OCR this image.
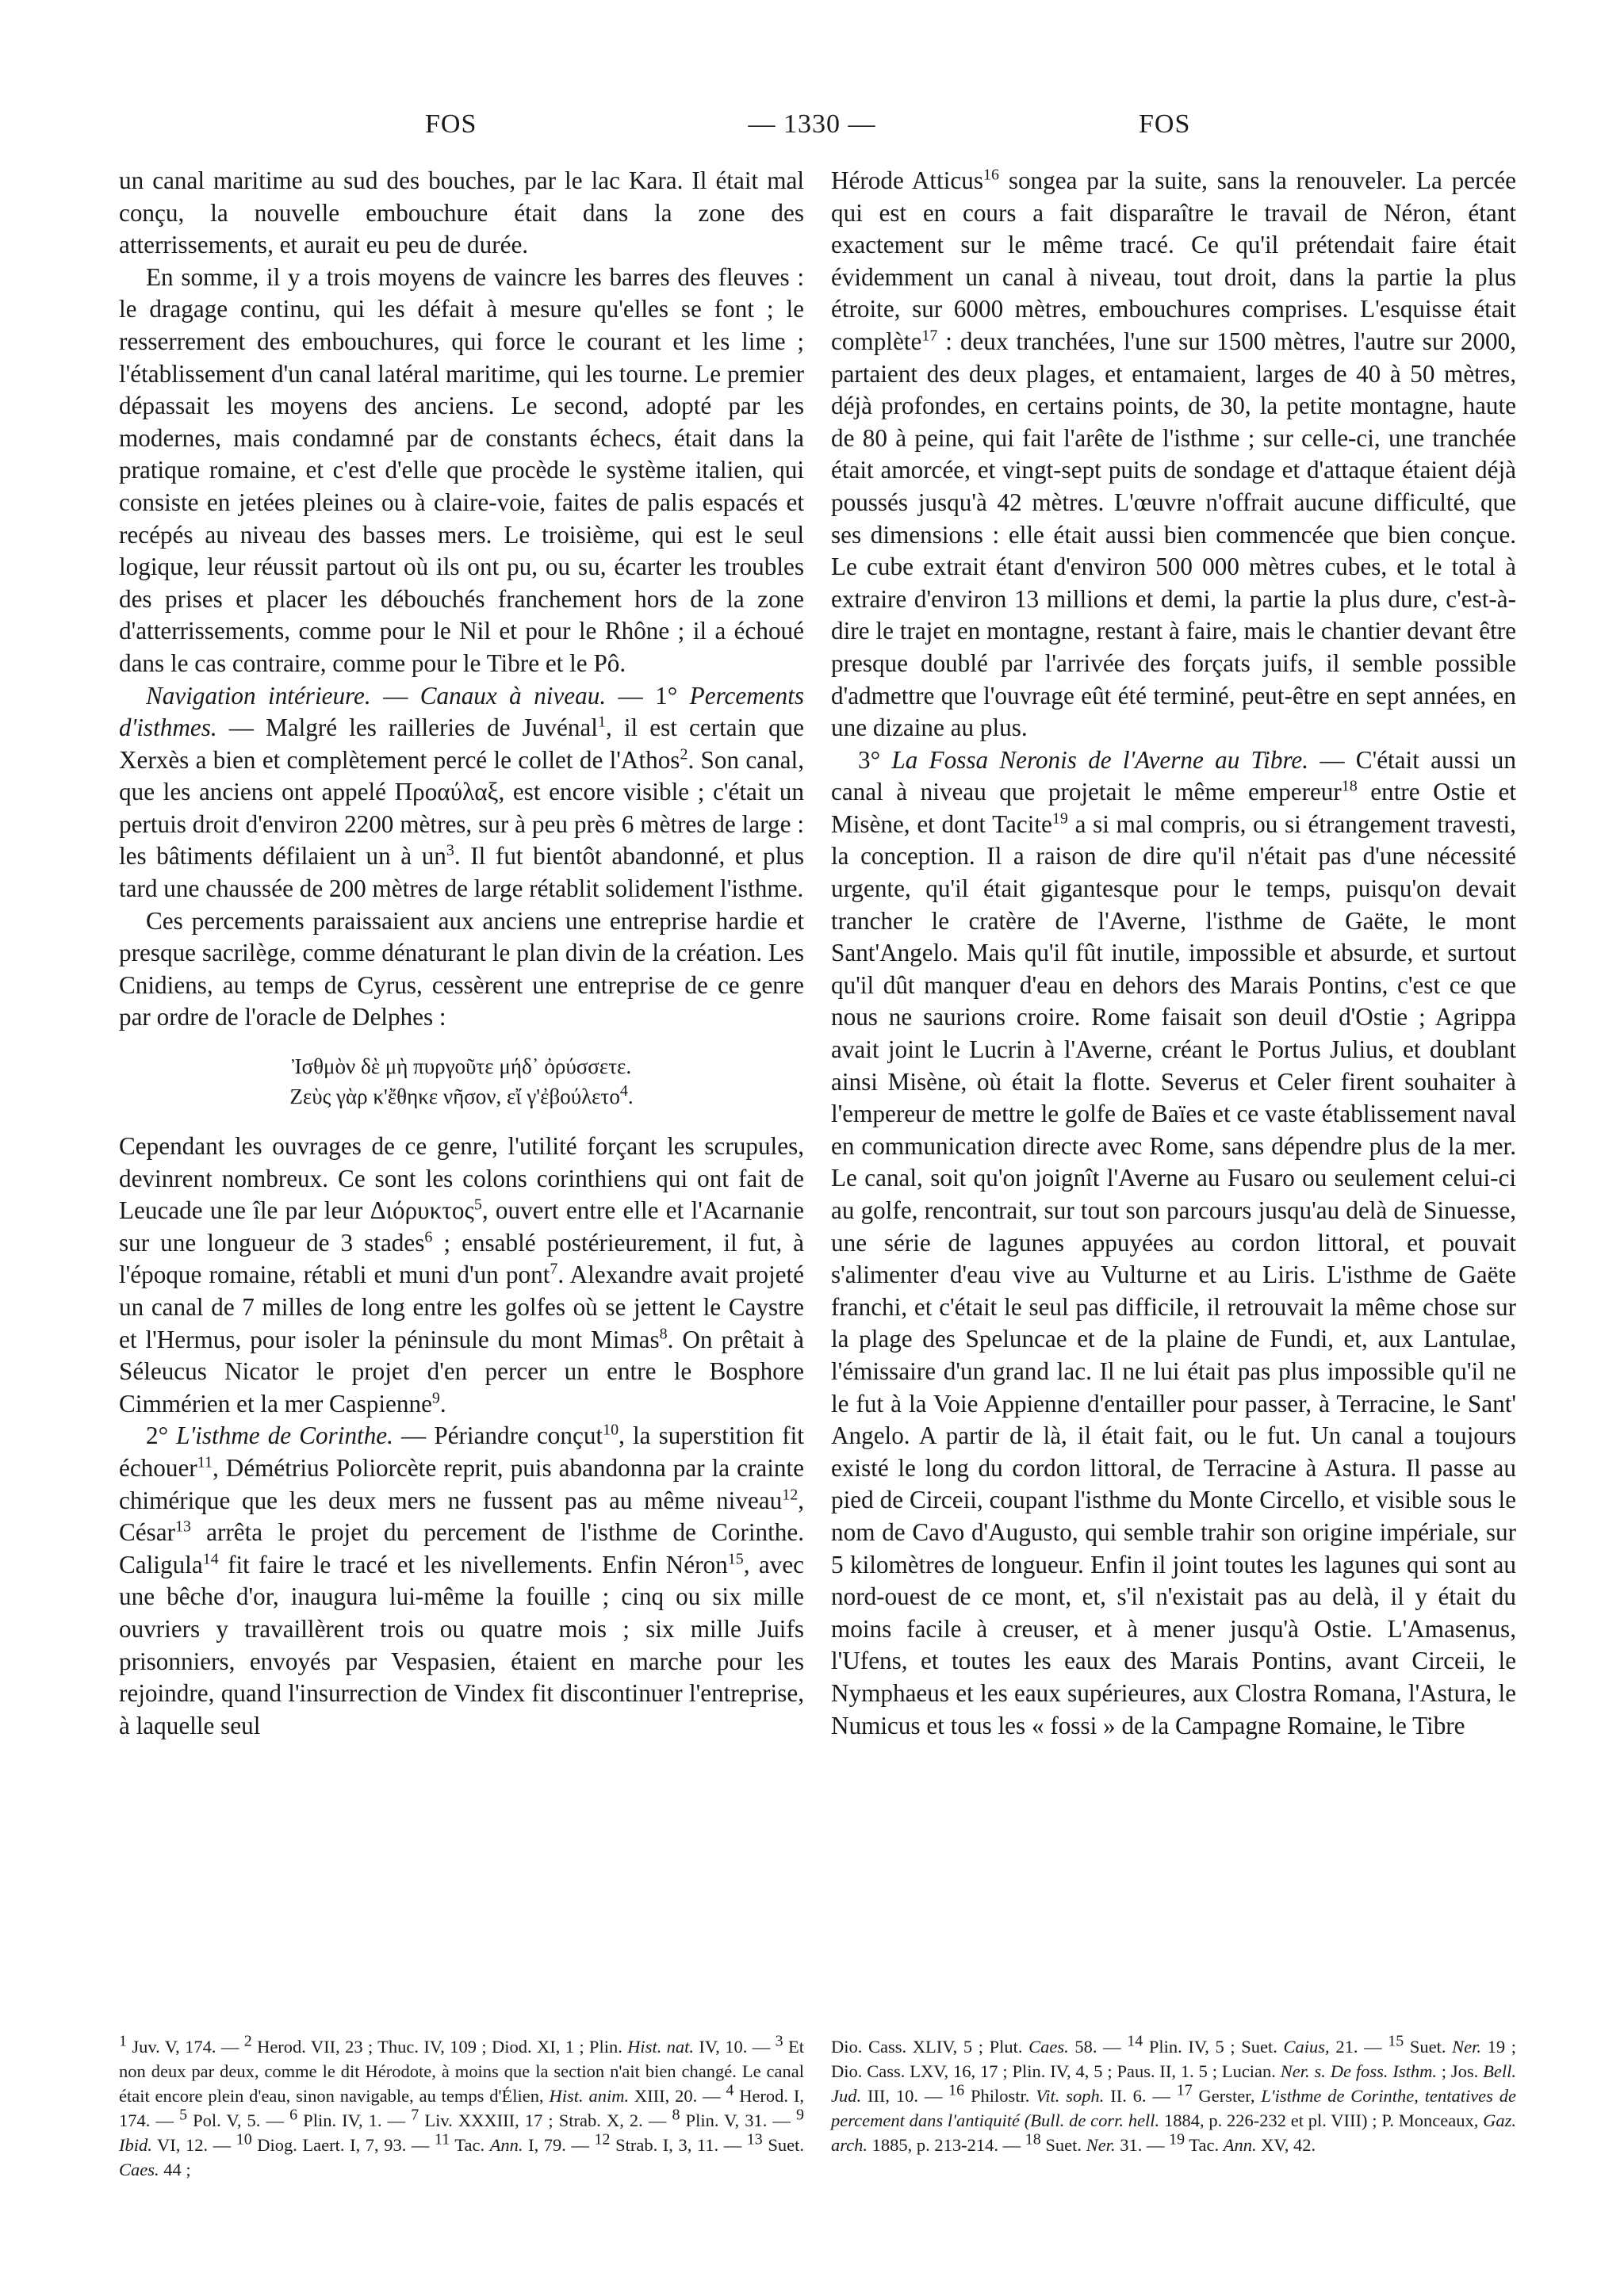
FOS	— 1330 —	FOS

un canal maritime au sud des bouches, par le lac Kara. Il était mal conçu, la nouvelle embouchure était dans la zone des atterrissements, et aurait eu peu de durée.

En somme, il y a trois moyens de vaincre les barres des fleuves : le dragage continu, qui les défait à mesure qu'elles se font ; le resserrement des embouchures, qui force le courant et les lime ; l'établissement d'un canal latéral maritime, qui les tourne. Le premier dépassait les moyens des anciens. Le second, adopté par les modernes, mais condamné par de constants échecs, était dans la pratique romaine, et c'est d'elle que procède le système italien, qui consiste en jetées pleines ou à claire-voie, faites de palis espacés et recépés au niveau des basses mers. Le troisième, qui est le seul logique, leur réussit partout où ils ont pu, ou su, écarter les troubles des prises et placer les débouchés franchement hors de la zone d'atterrissements, comme pour le Nil et pour le Rhône ; il a échoué dans le cas contraire, comme pour le Tibre et le Pô.

Navigation intérieure. — Canaux à niveau. — 1° Percements d'isthmes. — Malgré les railleries de Juvénal$^1$, il est certain que Xerxès a bien et complètement percé le collet de l'Athos$^2$. Son canal, que les anciens ont appelé Προαύλαξ, est encore visible ; c'était un pertuis droit d'environ 2200 mètres, sur à peu près 6 mètres de large : les bâtiments défilaient un à $un^3$. Il fut bientôt abandonné, et plus tard une chaussée de 200 mètres de large rétablit solidement l'isthme.

Ces percements paraissaient aux anciens une entreprise hardie et presque sacrilège, comme dénaturant le plan divin de la création. Les Cnidiens, au temps de Cyrus, cessèrent une entreprise de ce genre par ordre de l'oracle de Delphes :

Ἰσθμὸν δὲ μὴ πυργοῦτε μήδ᾽ ὀρύσσετε.
Ζεὺς γὰρ κ'ἔθηκε νῆσον, εἴ γ'ἐβούλετο$^4$.

Cependant les ouvrages de ce genre, l'utilité forçant les scrupules, devinrent nombreux. Ce sont les colons corinthiens qui ont fait de Leucade une île par leur Διόρυκτος$^5$, ouvert entre elle et l'Acarnanie sur une longueur de 3 stades$^6$ ; ensablé postérieurement, il fut, à l'époque romaine, rétabli et muni d'un pont$^7$. Alexandre avait projeté un canal de 7 milles de long entre les golfes où se jettent le Caystre et l'Hermus, pour isoler la péninsule du mont Mimas$^8$. On prêtait à Séleucus Nicator le projet d'en percer un entre le Bosphore Cimmérien et la mer Caspienne$^9$.

2° L'isthme de Corinthe. — Périandre conçut$^{10}$, la superstition fit échouer$^{11}$, Démétrius Poliorcète reprit, puis abandonna par la crainte chimérique que les deux mers ne fussent pas au même niveau$^{12}$, César$^{13}$ arrêta le projet du percement de l'isthme de Corinthe. Caligula$^{14}$ fit faire le tracé et les nivellements. Enfin Néron$^{15}$, avec une bêche d'or, inaugura lui-même la fouille ; cinq ou six mille ouvriers y travaillèrent trois ou quatre mois ; six mille Juifs prisonniers, envoyés par Vespasien, étaient en marche pour les rejoindre, quand l'insurrection de Vindex fit discontinuer l'entreprise, à laquelle seul

Hérode Atticus$^{16}$ songea par la suite, sans la renouveler. La percée qui est en cours a fait disparaître le travail de Néron, étant exactement sur le même tracé. Ce qu'il prétendait faire était évidemment un canal à niveau, tout droit, dans la partie la plus étroite, sur 6000 mètres, embouchures comprises. L'esquisse était complète$^{17}$ : deux tranchées, l'une sur 1500 mètres, l'autre sur 2000, partaient des deux plages, et entamaient, larges de 40 à 50 mètres, déjà profondes, en certains points, de 30, la petite montagne, haute de 80 à peine, qui fait l'arête de l'isthme ; sur celle-ci, une tranchée était amorcée, et vingt-sept puits de sondage et d'attaque étaient déjà poussés jusqu'à 42 mètres. L'œuvre n'offrait aucune difficulté, que ses dimensions : elle était aussi bien commencée que bien conçue. Le cube extrait étant d'environ 500 000 mètres cubes, et le total à extraire d'environ 13 millions et demi, la partie la plus dure, c'est-à-dire le trajet en montagne, restant à faire, mais le chantier devant être presque doublé par l'arrivée des forçats juifs, il semble possible d'admettre que l'ouvrage eût été terminé, peut-être en sept années, en une dizaine au plus.

3° La Fossa Neronis de l'Averne au Tibre. — C'était aussi un canal à niveau que projetait le même empereur$^{18}$ entre Ostie et Misène, et dont Tacite$^{19}$ a si mal compris, ou si étrangement travesti, la conception. Il a raison de dire qu'il n'était pas d'une nécessité urgente, qu'il était gigantesque pour le temps, puisqu'on devait trancher le cratère de l'Averne, l'isthme de Gaëte, le mont Sant'Angelo. Mais qu'il fût inutile, impossible et absurde, et surtout qu'il dût manquer d'eau en dehors des Marais Pontins, c'est ce que nous ne saurions croire. Rome faisait son deuil d'Ostie ; Agrippa avait joint le Lucrin à l'Averne, créant le Portus Julius, et doublant ainsi Misène, où était la flotte. Severus et Celer firent souhaiter à l'empereur de mettre le golfe de Baïes et ce vaste établissement naval en communication directe avec Rome, sans dépendre plus de la mer. Le canal, soit qu'on joignît l'Averne au Fusaro ou seulement celui-ci au golfe, rencontrait, sur tout son parcours jusqu'au delà de Sinuesse, une série de lagunes appuyées au cordon littoral, et pouvait s'alimenter d'eau vive au Vulturne et au Liris. L'isthme de Gaëte franchi, et c'était le seul pas difficile, il retrouvait la même chose sur la plage des Speluncae et de la plaine de Fundi, et, aux Lantulae, l'émissaire d'un grand lac. Il ne lui était pas plus impossible qu'il ne le fut à la Voie Appienne d'entailler pour passer, à Terracine, le Sant' Angelo. A partir de là, il était fait, ou le fut. Un canal a toujours existé le long du cordon littoral, de Terracine à Astura. Il passe au pied de Circeii, coupant l'isthme du Monte Circello, et visible sous le nom de Cavo d'Augusto, qui semble trahir son origine impériale, sur 5 kilomètres de longueur. Enfin il joint toutes les lagunes qui sont au nord-ouest de ce mont, et, s'il n'existait pas au delà, il y était du moins facile à creuser, et à mener jusqu'à Ostie. L'Amasenus, l'Ufens, et toutes les eaux des Marais Pontins, avant Circeii, le Nymphaeus et les eaux supérieures, aux Clostra Romana, l'Astura, le Numicus et tous les « fossi » de la Campagne Romaine, le Tibre

1 Juv. V, 174. — 2 Herod. VII, 23 ; Thuc. IV, 109 ; Diod. XI, 1 ; Plin. Hist. nat. IV, 10. — 3 Et non deux par deux, comme le dit Hérodote, à moins que la section n'ait bien changé. Le canal était encore plein d'eau, sinon navigable, au temps d'Élien, Hist. anim. XIII, 20. — 4 Herod. I, 174. — 5 Pol. V, 5. — 6 Plin. IV, 1. — 7 Liv. XXXIII, 17 ; Strab. X, 2. — 8 Plin. V, 31. — 9 Ibid. VI, 12. — 10 Diog. Laert. I, 7, 93. — 11 Tac. Ann. I, 79. — 12 Strab. I, 3, 11. — 13 Suet. Caes. 44 ;

Dio. Cass. XLIV, 5 ; Plut. Caes. 58. — 14 Plin. IV, 5 ; Suet. Caius, 21. — 15 Suet. Ner. 19 ; Dio. Cass. LXV, 16, 17 ; Plin. IV, 4, 5 ; Paus. II, 1. 5 ; Lucian. Ner. s. De foss. Isthm. ; Jos. Bell. Jud. III, 10. — 16 Philostr. Vit. soph. II. 6. — 17 Gerster, L'isthme de Corinthe, tentatives de percement dans l'antiquité (Bull. de corr. hell. 1884, p. 226-232 et pl. VIII) ; P. Monceaux, Gaz. arch. 1885, p. 213-214. — 18 Suet. Ner. 31. — 19 Tac. Ann. XV, 42.
